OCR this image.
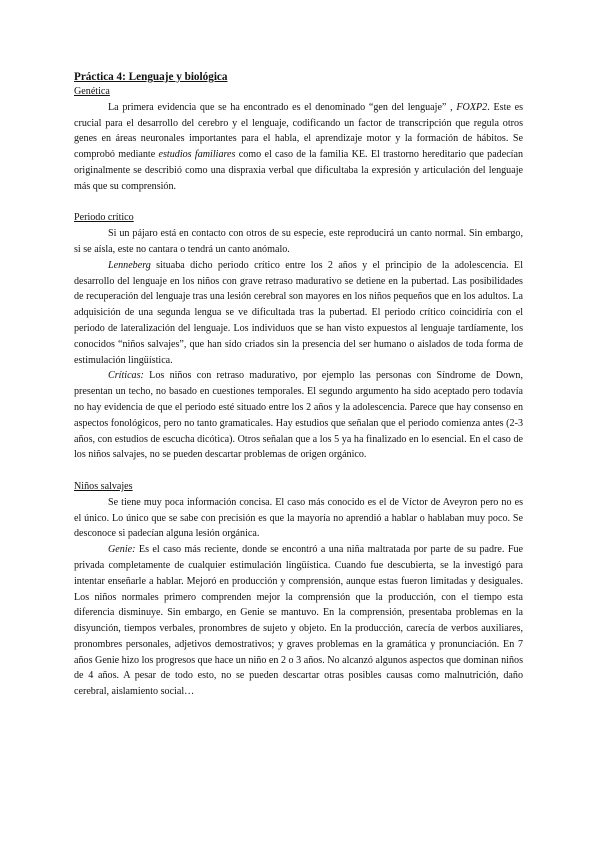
Práctica 4: Lenguaje y biológica
Genética

La primera evidencia que se ha encontrado es el denominado “gen del lenguaje” , FOXP2. Este es crucial para el desarrollo del cerebro y el lenguaje, codificando un factor de transcripción que regula otros genes en áreas neuronales importantes para el habla, el aprendizaje motor y la formación de hábitos. Se comprobó mediante estudios familiares como el caso de la familia KE. El trastorno hereditario que padecían originalmente se describió como una dispraxia verbal que dificultaba la expresión y articulación del lenguaje más que su comprensión.

Periodo crítico

Si un pájaro está en contacto con otros de su especie, este reproducirá un canto normal. Sin embargo, si se aísla, este no cantara o tendrá un canto anómalo.

Lenneberg situaba dicho periodo crítico entre los 2 años y el principio de la adolescencia. El desarrollo del lenguaje en los niños con grave retraso madurativo se detiene en la pubertad. Las posibilidades de recuperación del lenguaje tras una lesión cerebral son mayores en los niños pequeños que en los adultos. La adquisición de una segunda lengua se ve dificultada tras la pubertad. El periodo crítico coincidiría con el periodo de lateralización del lenguaje. Los individuos que se han visto expuestos al lenguaje tardíamente, los conocidos “niños salvajes”, que han sido criados sin la presencia del ser humano o aislados de toda forma de estimulación lingüística.

Críticas: Los niños con retraso madurativo, por ejemplo las personas con Síndrome de Down, presentan un techo, no basado en cuestiones temporales. El segundo argumento ha sido aceptado pero todavía no hay evidencia de que el periodo esté situado entre los 2 años y la adolescencia. Parece que hay consenso en aspectos fonológicos, pero no tanto gramaticales. Hay estudios que señalan que el periodo comienza antes (2-3 años, con estudios de escucha dicótica). Otros señalan que a los 5 ya ha finalizado en lo esencial. En el caso de los niños salvajes, no se pueden descartar problemas de origen orgánico.

Niños salvajes

Se tiene muy poca información concisa. El caso más conocido es el de Víctor de Aveyron pero no es el único. Lo único que se sabe con precisión es que la mayoría no aprendió a hablar o hablaban muy poco. Se desconoce si padecían alguna lesión orgánica.

Genie: Es el caso más reciente, donde se encontró a una niña maltratada por parte de su padre. Fue privada completamente de cualquier estimulación lingüística. Cuando fue descubierta, se la investigó para intentar enseñarle a hablar. Mejoró en producción y comprensión, aunque estas fueron limitadas y desiguales. Los niños normales primero comprenden mejor la comprensión que la producción, con el tiempo esta diferencia disminuye. Sin embargo, en Genie se mantuvo. En la comprensión, presentaba problemas en la disyunción, tiempos verbales, pronombres de sujeto y objeto. En la producción, carecía de verbos auxiliares, pronombres personales, adjetivos demostrativos; y graves problemas en la gramática y pronunciación. En 7 años Genie hizo los progresos que hace un niño en 2 o 3 años. No alcanzó algunos aspectos que dominan niños de 4 años. A pesar de todo esto, no se pueden descartar otras posibles causas como malnutrición, daño cerebral, aislamiento social…
